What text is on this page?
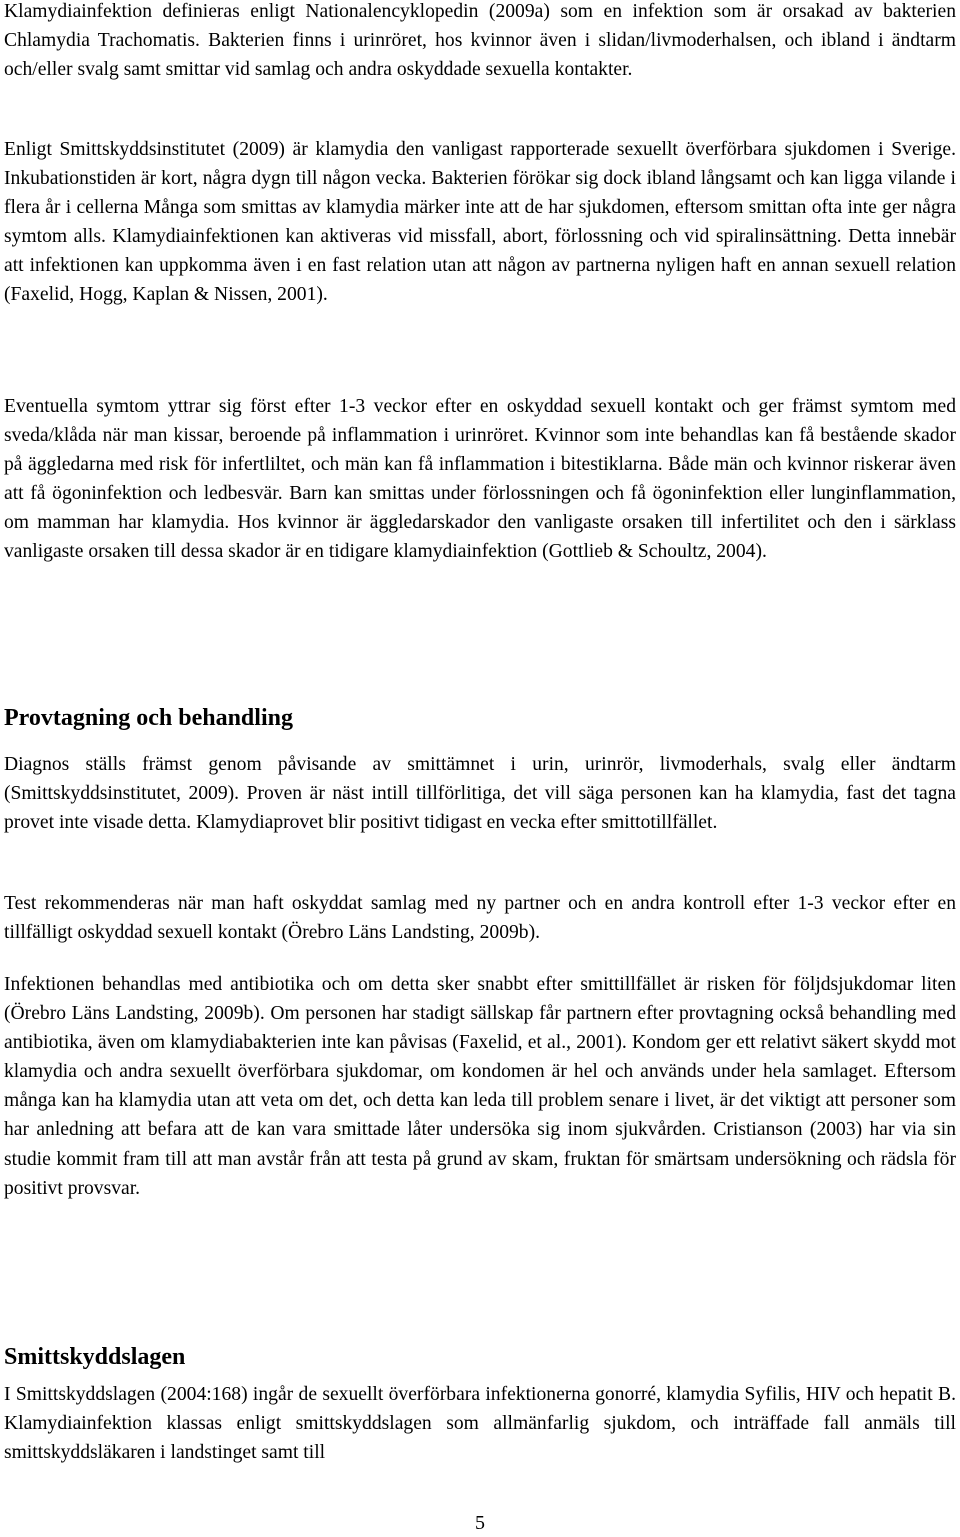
Klamydiainfektion definieras enligt Nationalencyklopedin (2009a) som en infektion som är orsakad av bakterien Chlamydia Trachomatis. Bakterien finns i urinröret, hos kvinnor även i slidan/livmoderhalsen, och ibland i ändtarm och/eller svalg samt smittar vid samlag och andra oskyddade sexuella kontakter.

Enligt Smittskyddsinstitutet (2009) är klamydia den vanligast rapporterade sexuellt överförbara sjukdomen i Sverige. Inkubationstiden är kort, några dygn till någon vecka. Bakterien förökar sig dock ibland långsamt och kan ligga vilande i flera år i cellerna Många som smittas av klamydia märker inte att de har sjukdomen, eftersom smittan ofta inte ger några symtom alls. Klamydiainfektionen kan aktiveras vid missfall, abort, förlossning och vid spiralinsättning. Detta innebär att infektionen kan uppkomma även i en fast relation utan att någon av partnerna nyligen haft en annan sexuell relation (Faxelid, Hogg, Kaplan & Nissen, 2001).

Eventuella symtom yttrar sig först efter 1-3 veckor efter en oskyddad sexuell kontakt och ger främst symtom med sveda/klåda när man kissar, beroende på inflammation i urinröret. Kvinnor som inte behandlas kan få bestående skador på äggledarna med risk för infertliltet, och män kan få inflammation i bitestiklarna. Både män och kvinnor riskerar även att få ögoninfektion och ledbesvär. Barn kan smittas under förlossningen och få ögoninfektion eller lunginflammation, om mamman har klamydia. Hos kvinnor är äggledarskador den vanligaste orsaken till infertilitet och den i särklass vanligaste orsaken till dessa skador är en tidigare klamydiainfektion (Gottlieb & Schoultz, 2004).

Provtagning och behandling

Diagnos ställs främst genom påvisande av smittämnet i urin, urinrör, livmoderhals, svalg eller ändtarm (Smittskyddsinstitutet, 2009). Proven är näst intill tillförlitiga, det vill säga personen kan ha klamydia, fast det tagna provet inte visade detta. Klamydiaprovet blir positivt tidigast en vecka efter smittotillfället.

Test rekommenderas när man haft oskyddat samlag med ny partner och en andra kontroll efter 1-3 veckor efter en tillfälligt oskyddad sexuell kontakt (Örebro Läns Landsting, 2009b).

Infektionen behandlas med antibiotika och om detta sker snabbt efter smittillfället är risken för följdsjukdomar liten (Örebro Läns Landsting, 2009b). Om personen har stadigt sällskap får partnern efter provtagning också behandling med antibiotika, även om klamydiabakterien inte kan påvisas (Faxelid, et al., 2001). Kondom ger ett relativt säkert skydd mot klamydia och andra sexuellt överförbara sjukdomar, om kondomen är hel och används under hela samlaget. Eftersom många kan ha klamydia utan att veta om det, och detta kan leda till problem senare i livet, är det viktigt att personer som har anledning att befara att de kan vara smittade låter undersöka sig inom sjukvården. Cristianson (2003) har via sin studie kommit fram till att man avstår från att testa på grund av skam, fruktan för smärtsam undersökning och rädsla för positivt provsvar.

Smittskyddslagen

I Smittskyddslagen (2004:168) ingår de sexuellt överförbara infektionerna gonorré, klamydia Syfilis, HIV och hepatit B. Klamydiainfektion klassas enligt smittskyddslagen som allmänfarlig sjukdom, och inträffade fall anmäls till smittskyddsläkaren i landstinget samt till

5
